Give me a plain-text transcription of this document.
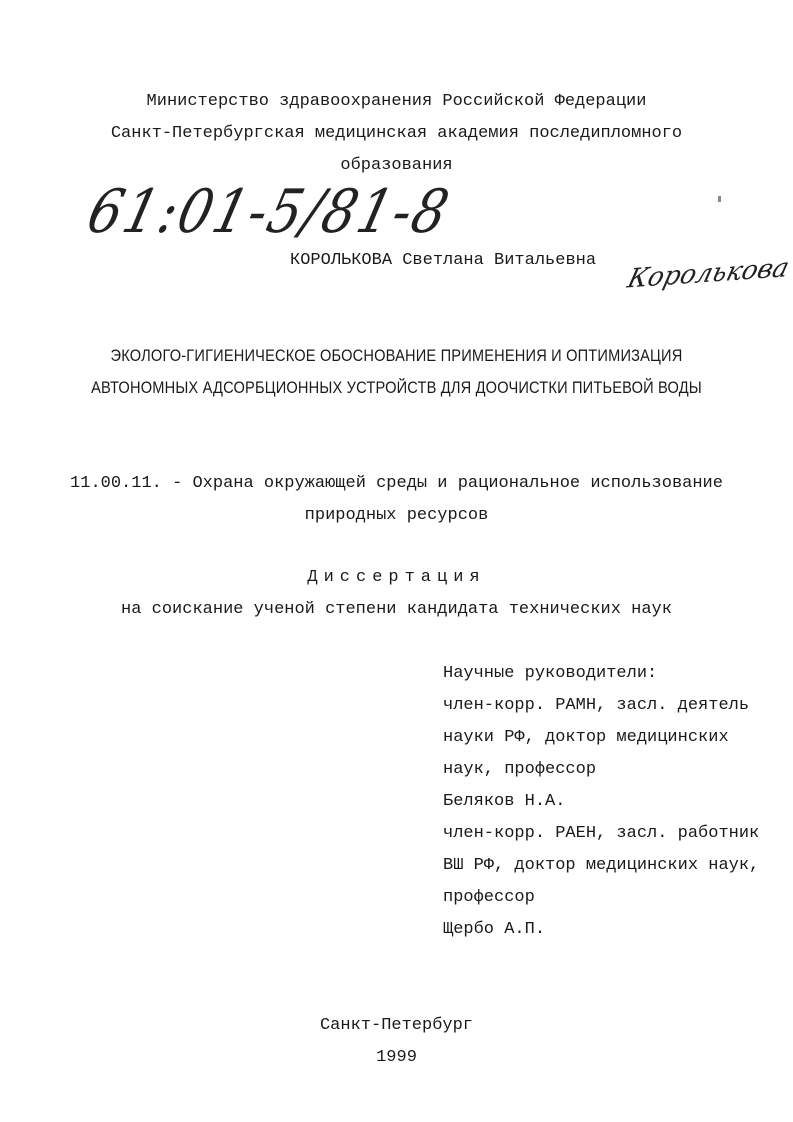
Министерство здравоохранения Российской Федерации
Санкт-Петербургская медицинская академия последипломного
образования
61:01-5/81-8
КОРОЛЬКОВА Светлана Витальевна Королькова
ЭКОЛОГО-ГИГИЕНИЧЕСКОЕ ОБОСНОВАНИЕ ПРИМЕНЕНИЯ И ОПТИМИЗАЦИЯ
АВТОНОМНЫХ АДСОРБЦИОННЫХ УСТРОЙСТВ ДЛЯ ДООЧИСТКИ ПИТЬЕВОЙ ВОДЫ
11.00.11. - Охрана окружающей среды и рациональное использование
природных ресурсов
Диссертация
на соискание ученой степени кандидата технических наук
Научные руководители:
член-корр. РАМН, засл. деятель
науки РФ, доктор медицинских
наук, профессор
Беляков Н.А.
член-корр. РАЕН, засл. работник
ВШ РФ, доктор медицинских наук,
профессор
Щербо А.П.
Санкт-Петербург
1999
